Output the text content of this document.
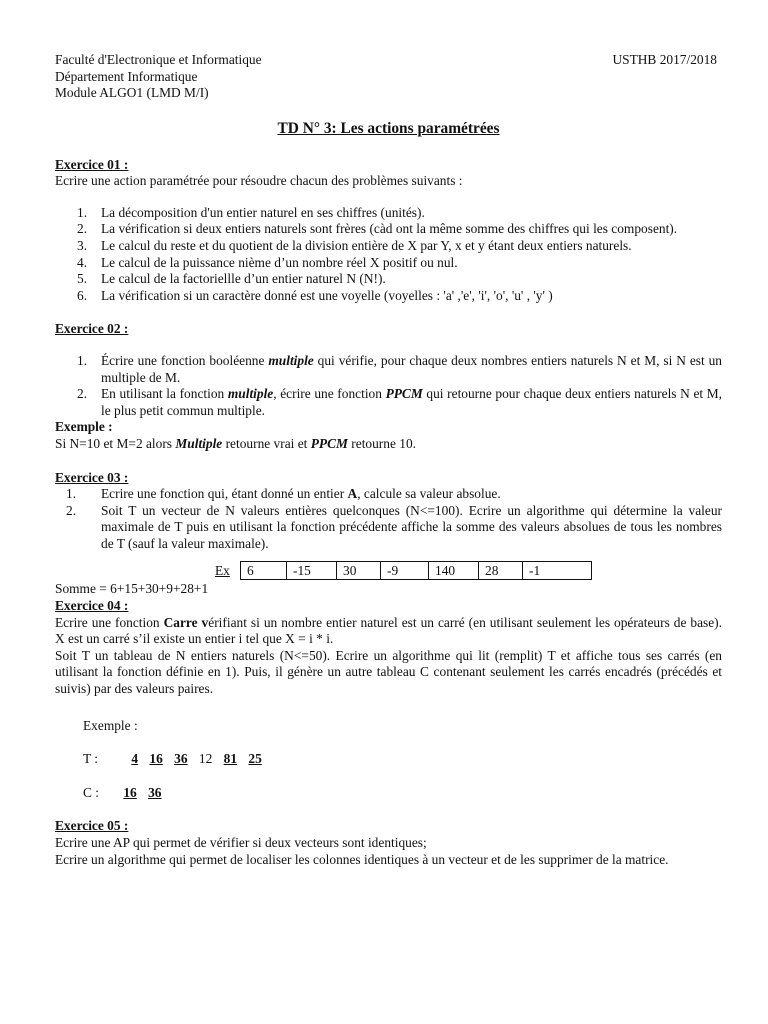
Faculté d'Electronique et Informatique
Département Informatique
Module ALGO1 (LMD M/I)
USTHB 2017/2018
TD N° 3: Les actions paramétrées
Exercice 01 :

Ecrire une action paramétrée pour résoudre chacun des problèmes suivants :

1. La décomposition d'un entier naturel en ses chiffres (unités).
2. La vérification si deux entiers naturels sont frères (càd ont la même somme des chiffres qui les composent).
3. Le calcul du reste et du quotient de la division entière de X par Y, x et y étant deux entiers naturels.
4. Le calcul de la puissance nième d’un nombre réel X positif ou nul.
5. Le calcul de la factoriellle d’un entier naturel N (N!).
6. La vérification si un caractère donné est une voyelle (voyelles : 'a' ,'e', 'i', 'o', 'u' , 'y' )
Exercice 02 :
1. Écrire une fonction booléenne multiple qui vérifie, pour chaque deux nombres entiers naturels N et M, si N est un multiple de M.
2. En utilisant la fonction multiple, écrire une fonction PPCM qui retourne pour chaque deux entiers naturels N et M, le plus petit commun multiple.
Exemple :

Si N=10 et M=2 alors Multiple retourne vrai et PPCM retourne 10.

Exercice 03 :
1. Ecrire une fonction qui, étant donné un entier A, calcule sa valeur absolue.
2. Soit T un vecteur de N valeurs entières quelconques (N<=100). Ecrire un algorithme qui détermine la valeur maximale de T puis en utilisant la fonction précédente affiche la somme des valeurs absolues de tous les nombres de T (sauf la valeur maximale).
Ex 6	-15	30	-9	140	28	-1

Somme = 6+15+30+9+28+1

Exercice 04 :

Ecrire une fonction Carre vérifiant si un nombre entier naturel est un carré (en utilisant seulement les opérateurs de base). X est un carré s’il existe un entier i tel que X = i * i.

Soit T un tableau de N entiers naturels (N<=50). Ecrire un algorithme qui lit (remplit) T et affiche tous ses carrés (en utilisant la fonction définie en 1). Puis, il génère un autre tableau C contenant seulement les carrés encadrés (précédés et suivis) par des valeurs paires.

Exemple :
T : 4 16 36 12 81 25
C : 16 36
Exercice 05 :

Ecrire une AP qui permet de vérifier si deux vecteurs sont identiques;

Ecrire un algorithme qui permet de localiser les colonnes identiques à un vecteur et de les supprimer de la matrice.
